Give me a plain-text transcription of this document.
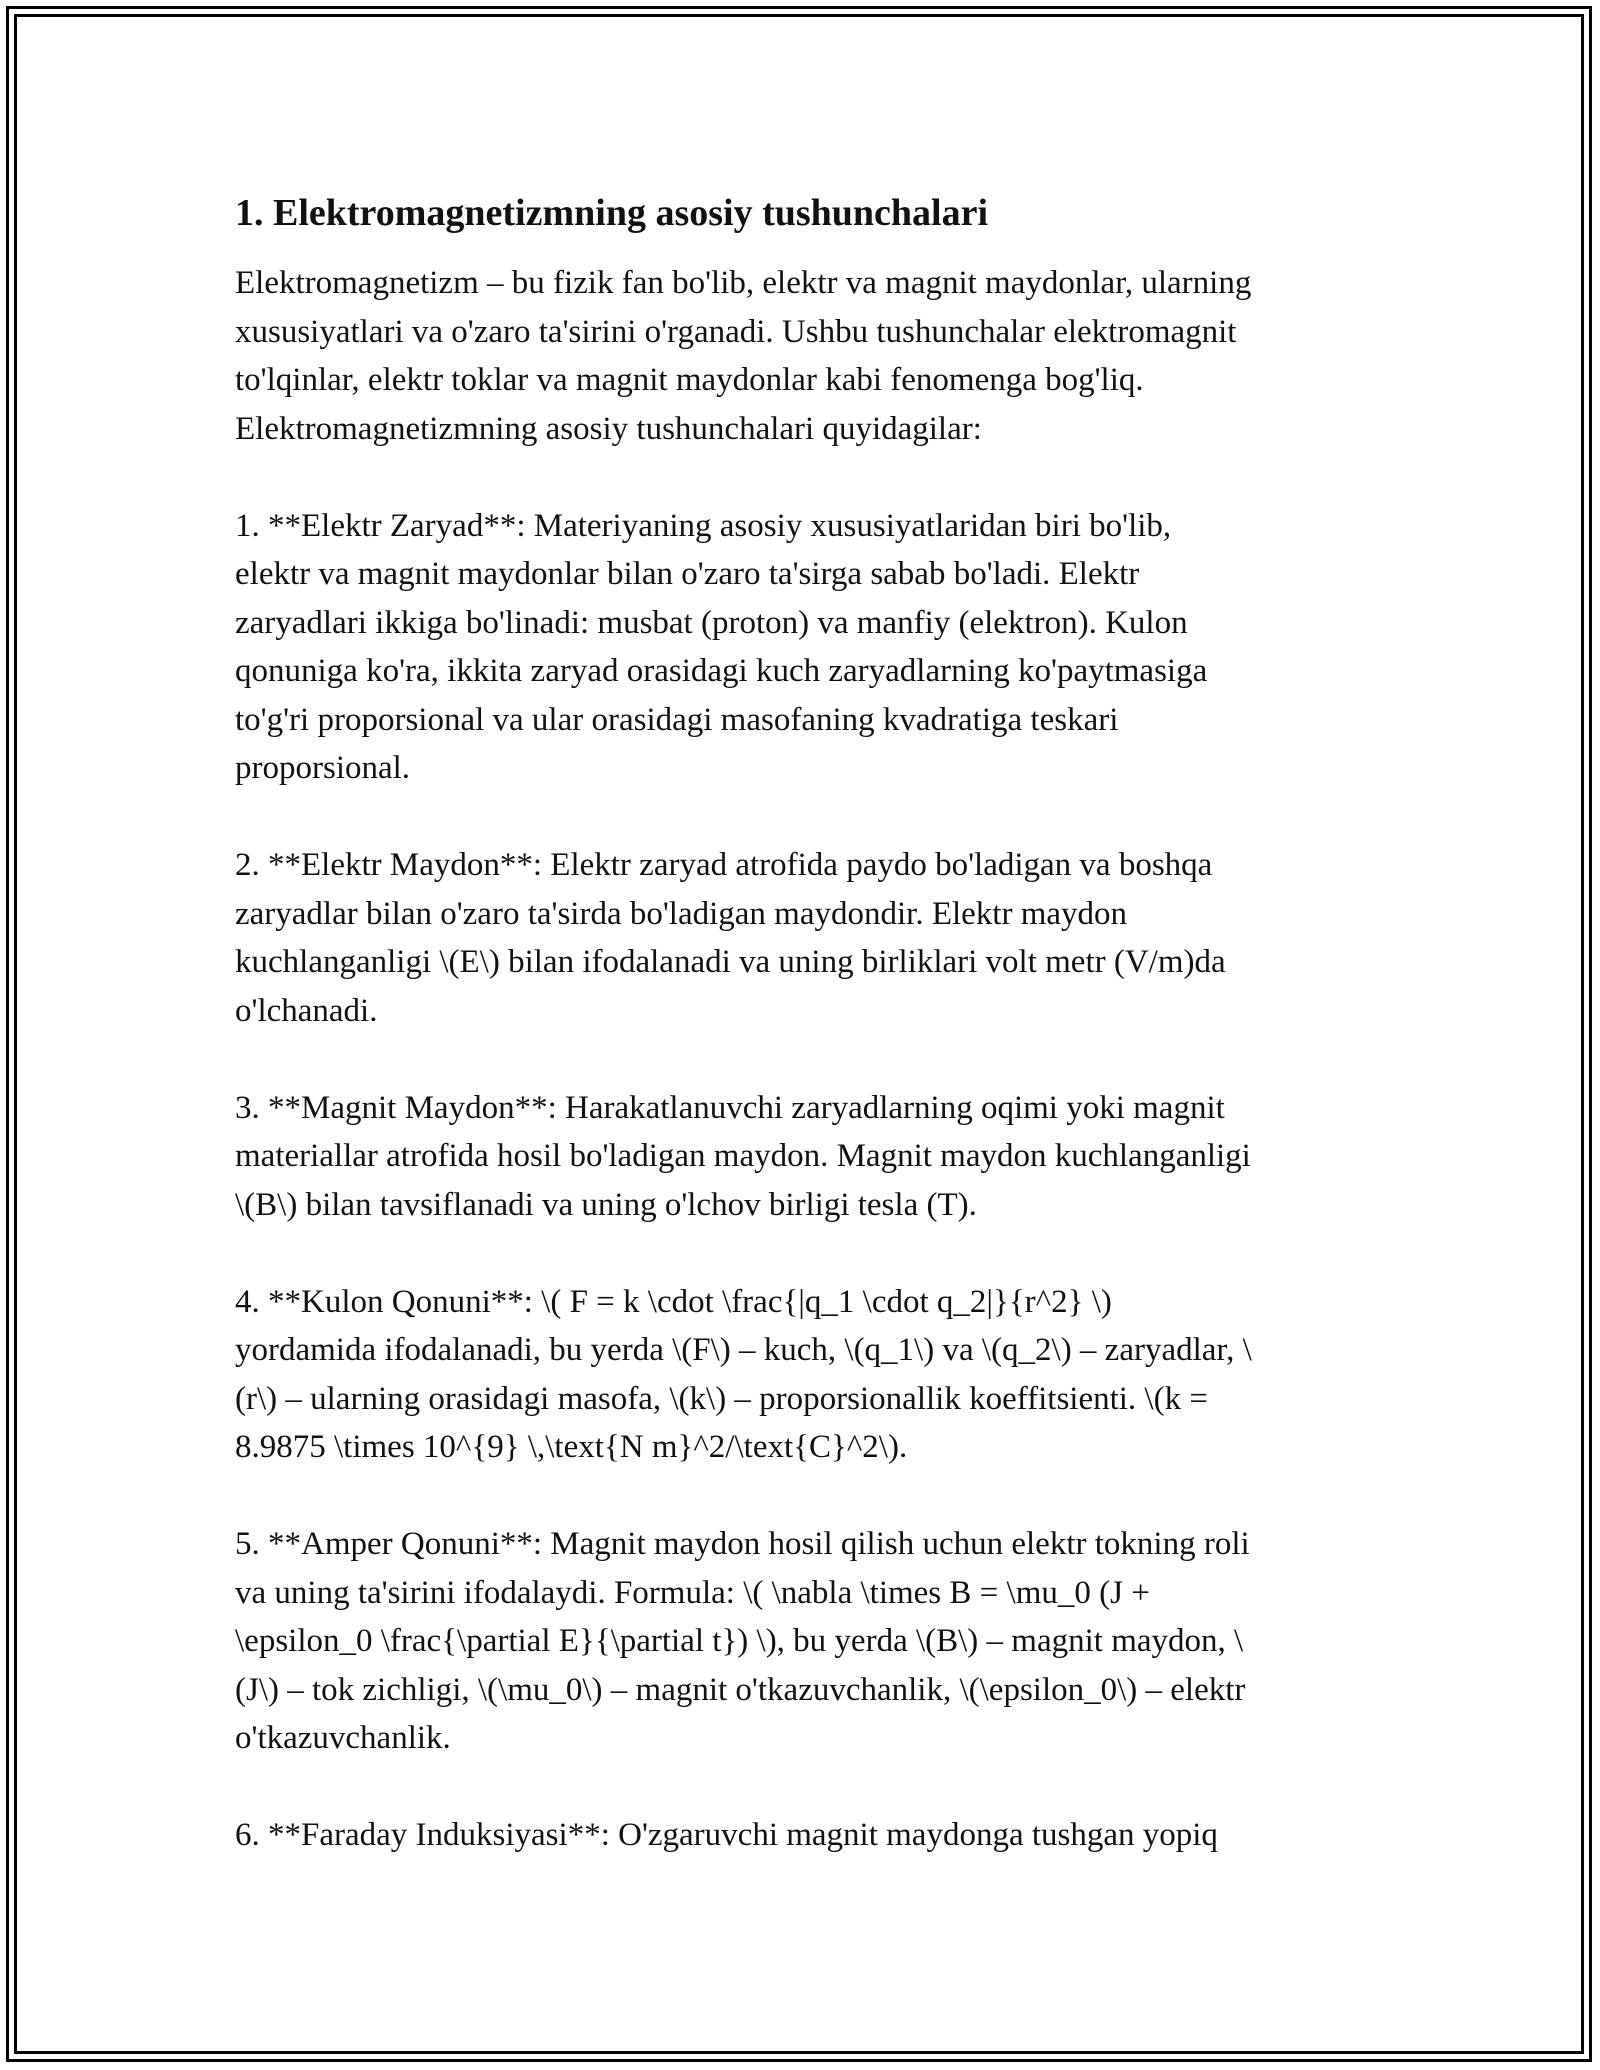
1. Elektromagnetizmning asosiy tushunchalari

Elektromagnetizm – bu fizik fan bo'lib, elektr va magnit maydonlar, ularning
xususiyatlari va o'zaro ta'sirini o'rganadi. Ushbu tushunchalar elektromagnit
to'lqinlar, elektr toklar va magnit maydonlar kabi fenomenga bog'liq.
Elektromagnetizmning asosiy tushunchalari quyidagilar:

1. **Elektr Zaryad**: Materiyaning asosiy xususiyatlaridan biri bo'lib,
elektr va magnit maydonlar bilan o'zaro ta'sirga sabab bo'ladi. Elektr
zaryadlari ikkiga bo'linadi: musbat (proton) va manfiy (elektron). Kulon
qonuniga ko'ra, ikkita zaryad orasidagi kuch zaryadlarning ko'paytmasiga
to'g'ri proporsional va ular orasidagi masofaning kvadratiga teskari
proporsional.

2. **Elektr Maydon**: Elektr zaryad atrofida paydo bo'ladigan va boshqa
zaryadlar bilan o'zaro ta'sirda bo'ladigan maydondir. Elektr maydon
kuchlanganligi \(E\) bilan ifodalanadi va uning birliklari volt metr (V/m)da
o'lchanadi.

3. **Magnit Maydon**: Harakatlanuvchi zaryadlarning oqimi yoki magnit
materiallar atrofida hosil bo'ladigan maydon. Magnit maydon kuchlanganligi
\(B\) bilan tavsiflanadi va uning o'lchov birligi tesla (T).

4. **Kulon Qonuni**: \( F = k \cdot \frac{|q_1 \cdot q_2|}{r^2} \)
yordamida ifodalanadi, bu yerda \(F\) – kuch, \(q_1\) va \(q_2\) – zaryadlar, \
(r\) – ularning orasidagi masofa, \(k\) – proporsionallik koeffitsienti. \(k =
8.9875 \times 10^{9} \,\text{N m}^2/\text{C}^2\).

5. **Amper Qonuni**: Magnit maydon hosil qilish uchun elektr tokning roli
va uning ta'sirini ifodalaydi. Formula: \( \nabla \times B = \mu_0 (J +
\epsilon_0 \frac{\partial E}{\partial t}) \), bu yerda \(B\) – magnit maydon, \
(J\) – tok zichligi, \(\mu_0\) – magnit o'tkazuvchanlik, \(\epsilon_0\) – elektr
o'tkazuvchanlik.

6. **Faraday Induksiyasi**: O'zgaruvchi magnit maydonga tushgan yopiq
